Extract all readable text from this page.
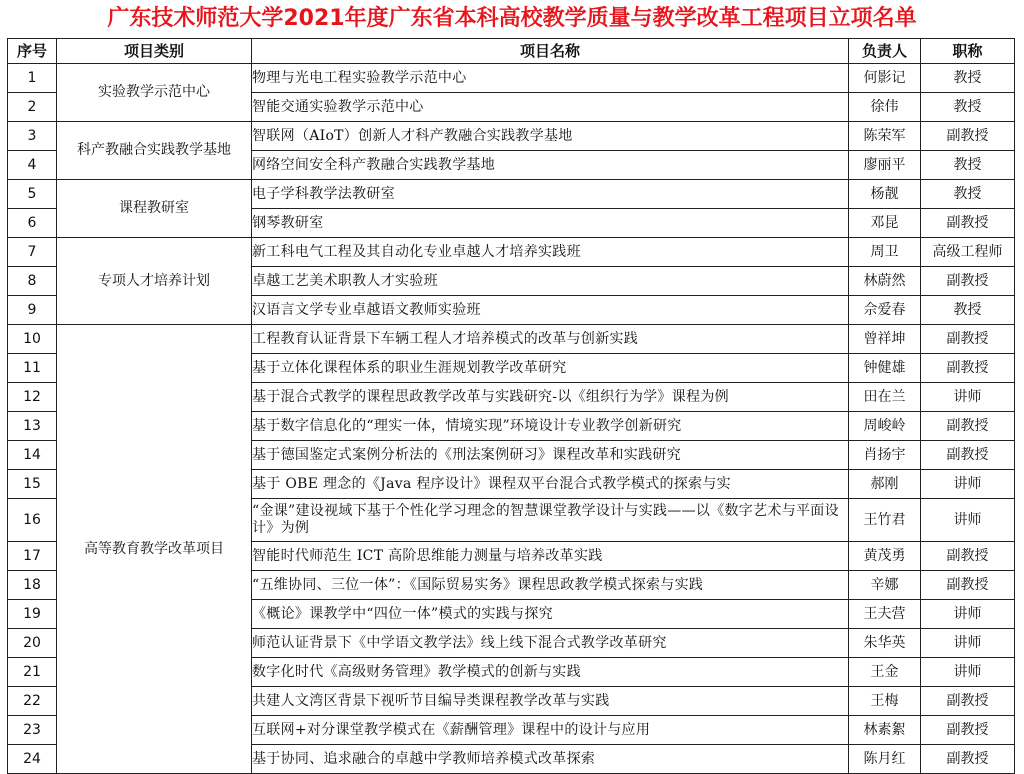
广东技术师范大学2021年度广东省本科高校教学质量与教学改革工程项目立项名单
序号	项目类别	项目名称	负责人	职称
1	实验教学示范中心	物理与光电工程实验教学示范中心	何影记	教授
2		智能交通实验教学示范中心	徐伟	教授
3	科产教融合实践教学基地	智联网（AIoT）创新人才科产教融合实践教学基地	陈荣军	副教授
4		网络空间安全科产教融合实践教学基地	廖丽平	教授
5	课程教研室	电子学科教学法教研室	杨靓	教授
6		钢琴教研室	邓昆	副教授
7	专项人才培养计划	新工科电气工程及其自动化专业卓越人才培养实践班	周卫	高级工程师
8		卓越工艺美术职教人才实验班	林蔚然	副教授
9		汉语言文学专业卓越语文教师实验班	佘爱春	教授
10	高等教育教学改革项目	工程教育认证背景下车辆工程人才培养模式的改革与创新实践	曾祥坤	副教授
11		基于立体化课程体系的职业生涯规划教学改革研究	钟健雄	副教授
12		基于混合式教学的课程思政教学改革与实践研究-以《组织行为学》课程为例	田在兰	讲师
13		基于数字信息化的“理实一体，情境实现”环境设计专业教学创新研究	周峻岭	副教授
14		基于德国鉴定式案例分析法的《刑法案例研习》课程改革和实践研究	肖扬宇	副教授
15		基于 OBE 理念的《Java 程序设计》课程双平台混合式教学模式的探索与实	郝刚	讲师
16		“金课”建设视域下基于个性化学习理念的智慧课堂教学设计与实践——以《数字艺术与平面设计》为例	王竹君	讲师
17		智能时代师范生 ICT 高阶思维能力测量与培养改革实践	黄茂勇	副教授
18		“五维协同、三位一体”：《国际贸易实务》课程思政教学模式探索与实践	辛娜	副教授
19		《概论》课教学中“四位一体”模式的实践与探究	王夫营	讲师
20		师范认证背景下《中学语文教学法》线上线下混合式教学改革研究	朱华英	讲师
21		数字化时代《高级财务管理》教学模式的创新与实践	王金	讲师
22		共建人文湾区背景下视听节目编导类课程教学改革与实践	王梅	副教授
23		互联网+对分课堂教学模式在《薪酬管理》课程中的设计与应用	林素絮	副教授
24		基于协同、追求融合的卓越中学教师培养模式改革探索	陈月红	副教授
